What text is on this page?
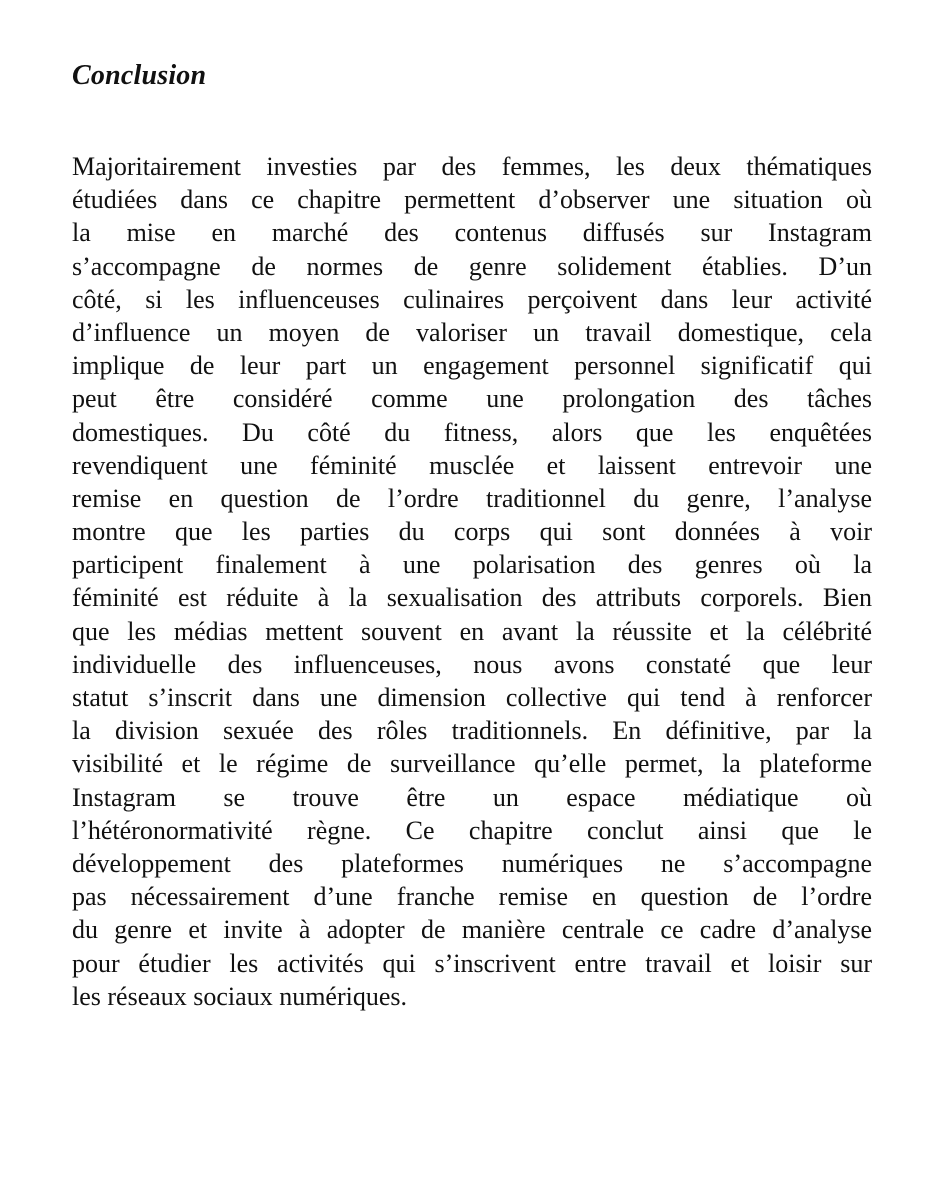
Conclusion
Majoritairement investies par des femmes, les deux thématiques
étudiées dans ce chapitre permettent d’observer une situation où
la mise en marché des contenus diffusés sur Instagram
s’accompagne de normes de genre solidement établies. D’un
côté, si les influenceuses culinaires perçoivent dans leur activité
d’influence un moyen de valoriser un travail domestique, cela
implique de leur part un engagement personnel significatif qui
peut être considéré comme une prolongation des tâches
domestiques. Du côté du fitness, alors que les enquêtées
revendiquent une féminité musclée et laissent entrevoir une
remise en question de l’ordre traditionnel du genre, l’analyse
montre que les parties du corps qui sont données à voir
participent finalement à une polarisation des genres où la
féminité est réduite à la sexualisation des attributs corporels. Bien
que les médias mettent souvent en avant la réussite et la célébrité
individuelle des influenceuses, nous avons constaté que leur
statut s’inscrit dans une dimension collective qui tend à renforcer
la division sexuée des rôles traditionnels. En définitive, par la
visibilité et le régime de surveillance qu’elle permet, la plateforme
Instagram se trouve être un espace médiatique où
l’hétéronormativité règne. Ce chapitre conclut ainsi que le
développement des plateformes numériques ne s’accompagne
pas nécessairement d’une franche remise en question de l’ordre
du genre et invite à adopter de manière centrale ce cadre d’analyse
pour étudier les activités qui s’inscrivent entre travail et loisir sur
les réseaux sociaux numériques.
